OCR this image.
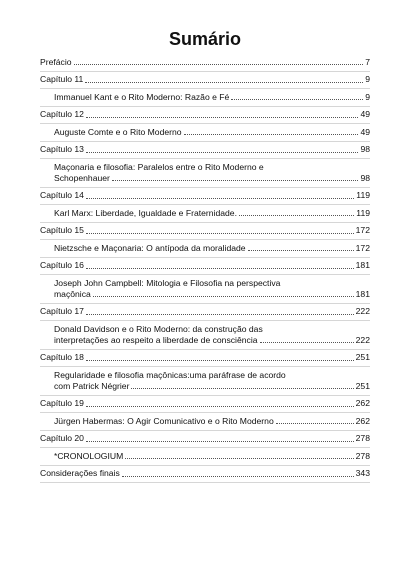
Sumário
Prefácio	7
Capítulo 11	9
Immanuel Kant e o Rito Moderno: Razão e Fé	9
Capítulo 12	49
Auguste Comte e o Rito Moderno	49
Capítulo 13	98
Maçonaria e filosofia: Paralelos entre o Rito Moderno e
Schopenhauer	98
Capítulo 14	119
Karl Marx: Liberdade, Igualdade e Fraternidade.	119
Capítulo 15	172
Nietzsche e Maçonaria: O antípoda da moralidade	172
Capítulo 16	181
Joseph John Campbell: Mitologia e Filosofia na perspectiva
maçônica	181
Capítulo 17	222
Donald Davidson e o Rito Moderno: da construção das
interpretações ao respeito a liberdade de consciência	222
Capítulo 18	251
Regularidade e filosofia maçônicas:uma paráfrase de acordo
com Patrick Négrier	251
Capítulo 19	262
Jürgen Habermas: O Agir Comunicativo e o Rito Moderno	262
Capítulo 20	278
*CRONOLOGIUM	278
Considerações finais	343
